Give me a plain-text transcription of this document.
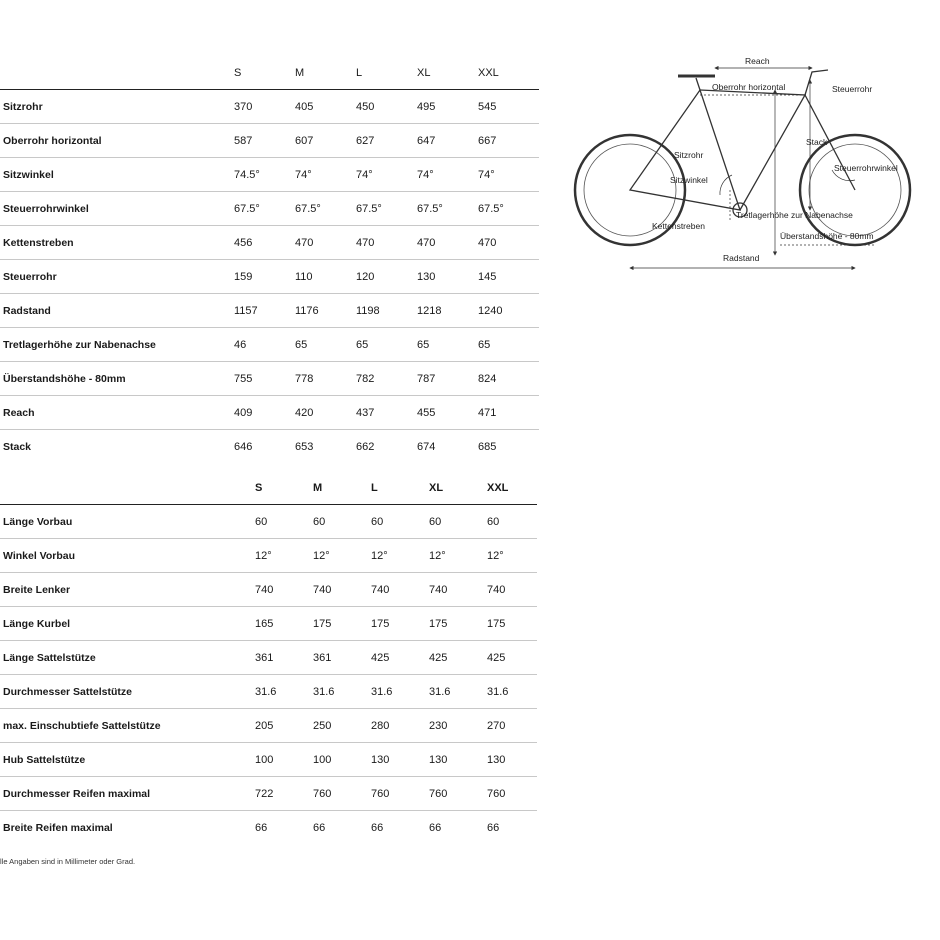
	S	M	L	XL	XXL
Sitzrohr	370	405	450	495	545
Oberrohr horizontal	587	607	627	647	667
Sitzwinkel	74.5°	74°	74°	74°	74°
Steuerrohrwinkel	67.5°	67.5°	67.5°	67.5°	67.5°
Kettenstreben	456	470	470	470	470
Steuerrohr	159	110	120	130	145
Radstand	1157	1176	1198	1218	1240
Tretlagerhöhe zur Nabenachse	46	65	65	65	65
Überstandshöhe - 80mm	755	778	782	787	824
Reach	409	420	437	455	471
Stack	646	653	662	674	685
	S	M	L	XL	XXL
Länge Vorbau	60	60	60	60	60
Winkel Vorbau	12°	12°	12°	12°	12°
Breite Lenker	740	740	740	740	740
Länge Kurbel	165	175	175	175	175
Länge Sattelstütze	361	361	425	425	425
Durchmesser Sattelstütze	31.6	31.6	31.6	31.6	31.6
max. Einschubtiefe Sattelstütze	205	250	280	230	270
Hub Sattelstütze	100	100	130	130	130
Durchmesser Reifen maximal	722	760	760	760	760
Breite Reifen maximal	66	66	66	66	66
lle Angaben sind in Millimeter oder Grad.
Reach
Oberrohr horizontal	Steuerrohr
Stack
Sitzrohr
Sitzwinkel
Steuerrohrwinkel
Tretlagerhöhe zur Nabenachse
Kettenstreben
Überstandshöhe - 80mm
Radstand
